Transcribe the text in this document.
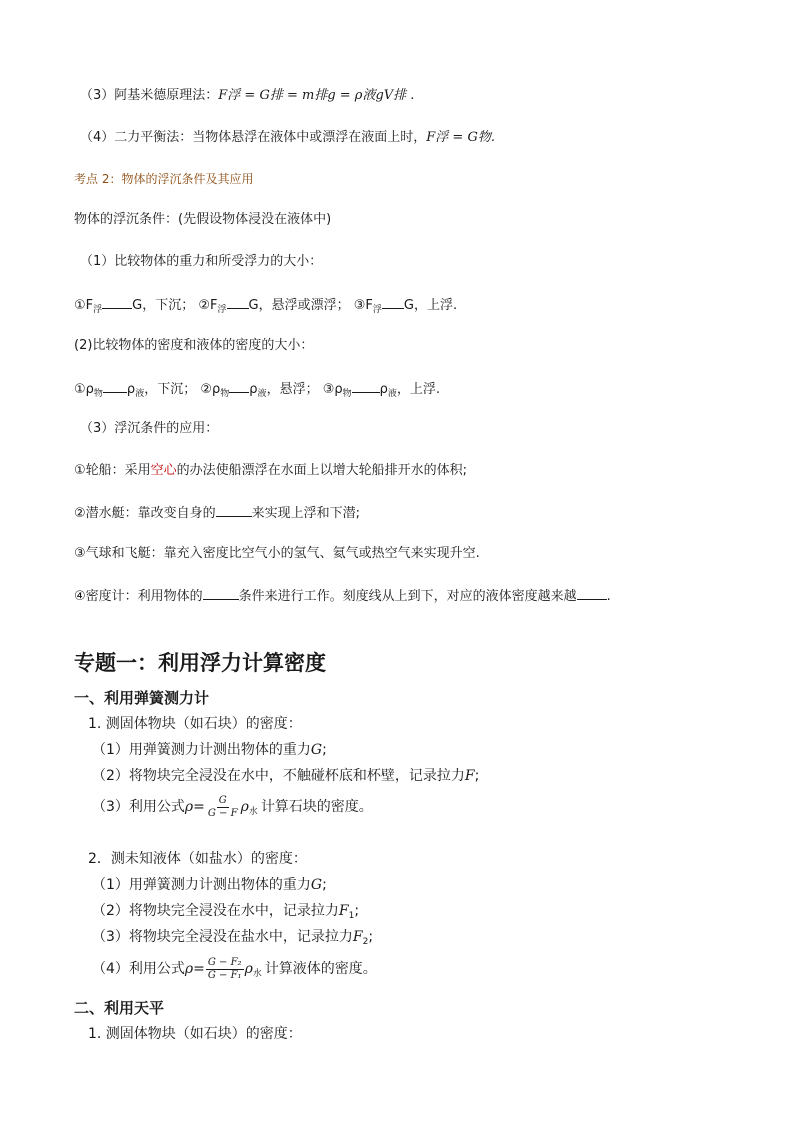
（3）阿基米德原理法：F浮 = G排 = m排g = ρ液gV排 .
（4）二力平衡法：当物体悬浮在液体中或漂浮在液面上时，F浮 = G物.
考点 2：物体的浮沉条件及其应用
物体的浮沉条件：(先假设物体浸没在液体中)
（1）比较物体的重力和所受浮力的大小：
$①F_浮$ G，下沉； $②F_浮$ G，悬浮或漂浮； $③F_浮$ G，上浮.
(2)比较物体的密度和液体的密度的大小：
$①\rho_物$ $\rho_液$，下沉； $②\rho_物$ $\rho_液$，悬浮； $③\rho_物$ $\rho_液$，上浮.
（3）浮沉条件的应用：
①轮船：采用空心的办法使船漂浮在水面上以增大轮船排开水的体积;
②潜水艇：靠改变自身的	来实现上浮和下潜;
③气球和飞艇：靠充入密度比空气小的氢气、氦气或热空气来实现升空.
④密度计：利用物体的	条件来进行工作。刻度线从上到下，对应的液体密度越来越 .
专题一：利用浮力计算密度
一、利用弹簧测力计
1. 测固体物块（如石块）的密度：
（1）用弹簧测力计测出物体的重力G;
（2）将物块完全浸没在水中，不触碰杯底和杯壁，记录拉力F;
（3）利用公式$\rho= \frac{G}{G - F} \rho_水$ 计算石块的密度。
2．测未知液体（如盐水）的密度：
（1）用弹簧测力计测出物体的重力G;
（2）将物块完全浸没在水中，记录拉力$F_1$;
（3）将物块完全浸没在盐水中，记录拉力$F_2$;
（4）利用公式$\rho= \frac{\text{G − F₂}}{\text{G − F₁}} \rho_水$ 计算液体的密度。
二、利用天平
1. 测固体物块（如石块）的密度：
